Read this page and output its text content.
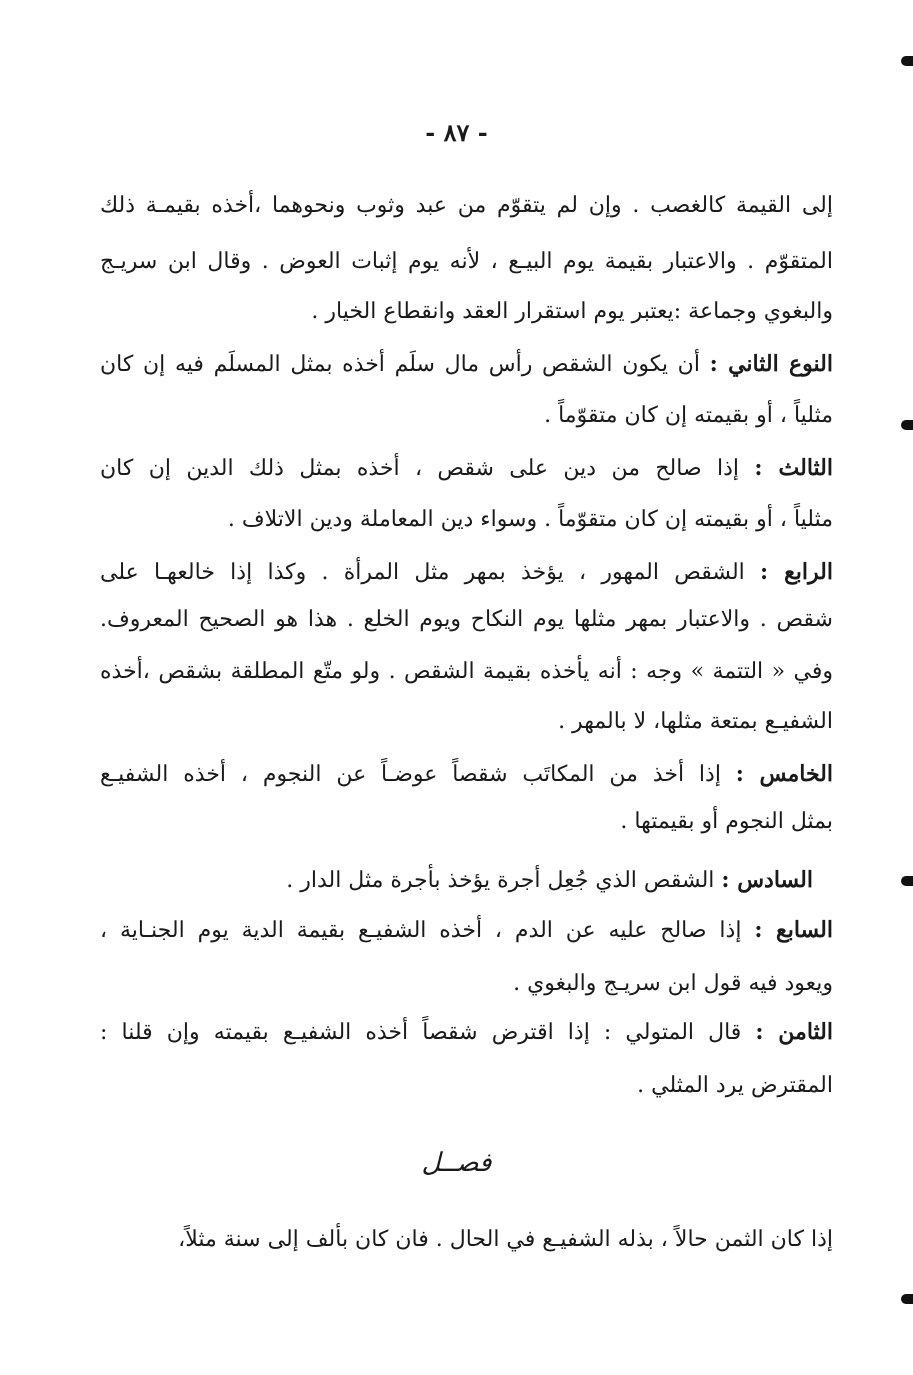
- ٨٧ -
إلى القيمة كالغصب . وإن لم يتقوّم من عبد وثوب ونحوهما ،أخذه بقيمـة ذلك
المتقوّم . والاعتبار بقيمة يوم البيـع ، لأنه يوم إثبات العوض . وقال ابن سريـج
والبغوي وجماعة :يعتبر يوم استقرار العقد وانقطاع الخيار .
النوع الثاني : أن يكون الشقص رأس مال سلَم أخذه بمثل المسلَم فيه إن كان
مثلياً ، أو بقيمته إن كان متقوّماً .
الثالث : إذا صالح من دين على شقص ، أخذه بمثل ذلك الدين إن كان
مثلياً ، أو بقيمته إن كان متقوّماً . وسواء دين المعاملة ودين الاتلاف .
الرابع : الشقص المهور ، يؤخذ بمهر مثل المرأة . وكذا إذا خالعهـا على
شقص . والاعتبار بمهر مثلها يوم النكاح ويوم الخلع . هذا هو الصحيح المعروف.
وفي « التتمة » وجه : أنه يأخذه بقيمة الشقص . ولو متّع المطلقة بشقص ،أخذه
الشفيـع بمتعة مثلها، لا بالمهر .
الخامس : إذا أخذ من المكاتَب شقصاً عوضـاً عن النجوم ، أخذه الشفيـع
بمثل النجوم أو بقيمتها .
السادس : الشقص الذي جُعِل أجرة يؤخذ بأجرة مثل الدار .
السابع : إذا صالح عليه عن الدم ، أخذه الشفيـع بقيمة الدية يوم الجنـاية ،
ويعود فيه قول ابن سريـج والبغوي .
الثامن : قال المتولي : إذا اقترض شقصاً أخذه الشفيـع بقيمته وإن قلنا :
المقترض يرد المثلي .
فصــل
إذا كان الثمن حالاً ، بذله الشفيـع في الحال . فان كان بألف إلى سنة مثلاً،
